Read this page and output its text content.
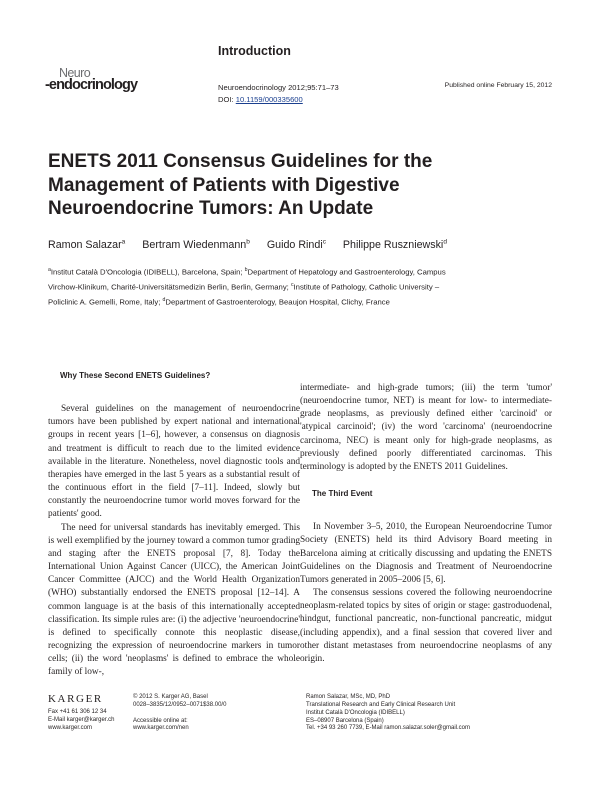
Introduction
Neuro
-endocrinology	Neuroendocrinology 2012;95:71–73
DOI: 10.1159/000335600
Published online February 15, 2012
ENETS 2011 Consensus Guidelines for the Management of Patients with Digestive Neuroendocrine Tumors: An Update
Ramon Salazar$^a$ Bertram Wiedenmann$^b$ Guido Rindi$^c$ Philippe Ruszniewski$^d$
$^a$Institut Català D'Oncologia (IDIBELL), Barcelona, Spain; $^b$Department of Hepatology and Gastroenterology, Campus Virchow-Klinikum, Charité-Universitätsmedizin Berlin, Berlin, Germany; $^c$Institute of Pathology, Catholic University – Policlinic A. Gemelli, Rome, Italy; $^d$Department of Gastroenterology, Beaujon Hospital, Clichy, France
Why These Second ENETS Guidelines?

Several guidelines on the management of neuroendocrine tumors have been published by expert national and international groups in recent years [1–6], however, a consensus on diagnosis and treatment is difficult to reach due to the limited evidence available in the literature. Nonetheless, novel diagnostic tools and therapies have emerged in the last 5 years as a substantial result of the continuous effort in the field [7–11]. Indeed, slowly but constantly the neuroendocrine tumor world moves forward for the patients' good.

The need for universal standards has inevitably emerged. This is well exemplified by the journey toward a common tumor grading and staging after the ENETS proposal [7, 8]. Today the International Union Against Cancer (UICC), the American Joint Cancer Committee (AJCC) and the World Health Organization (WHO) substantially endorsed the ENETS proposal [12–14]. A common language is at the basis of this internationally accepted classification. Its simple rules are: (i) the adjective 'neuroendocrine' is defined to specifically connote this neoplastic disease, recognizing the expression of neuroendocrine markers in tumor cells; (ii) the word 'neoplasms' is defined to embrace the whole family of low-,

intermediate- and high-grade tumors; (iii) the term 'tumor' (neuroendocrine tumor, NET) is meant for low- to intermediate-grade neoplasms, as previously defined either 'carcinoid' or 'atypical carcinoid'; (iv) the word 'carcinoma' (neuroendocrine carcinoma, NEC) is meant only for high-grade neoplasms, as previously defined poorly differentiated carcinomas. This terminology is adopted by the ENETS 2011 Guidelines.

The Third Event

In November 3–5, 2010, the European Neuroendocrine Tumor Society (ENETS) held its third Advisory Board meeting in Barcelona aiming at critically discussing and updating the ENETS Guidelines on the Diagnosis and Treatment of Neuroendocrine Tumors generated in 2005–2006 [5, 6].

The consensus sessions covered the following neuroendocrine neoplasm-related topics by sites of origin or stage: gastroduodenal, hindgut, functional pancreatic, non-functional pancreatic, midgut (including appendix), and a final session that covered liver and other distant metastases from neuroendocrine neoplasms of any origin.

KARGER
Fax +41 61 306 12 34
E-Mail karger@karger.ch
www.karger.com
© 2012 S. Karger AG, Basel
0028–3835/12/0952–0071$38.00/0
Accessible online at:
www.karger.com/nen
Ramon Salazar, MSc, MD, PhD
Translational Research and Early Clinical Research Unit
Institut Català D'Oncologia (IDIBELL)
ES–08907 Barcelona (Spain)
Tel. +34 93 260 7739, E-Mail ramon.salazar.soler@gmail.com
